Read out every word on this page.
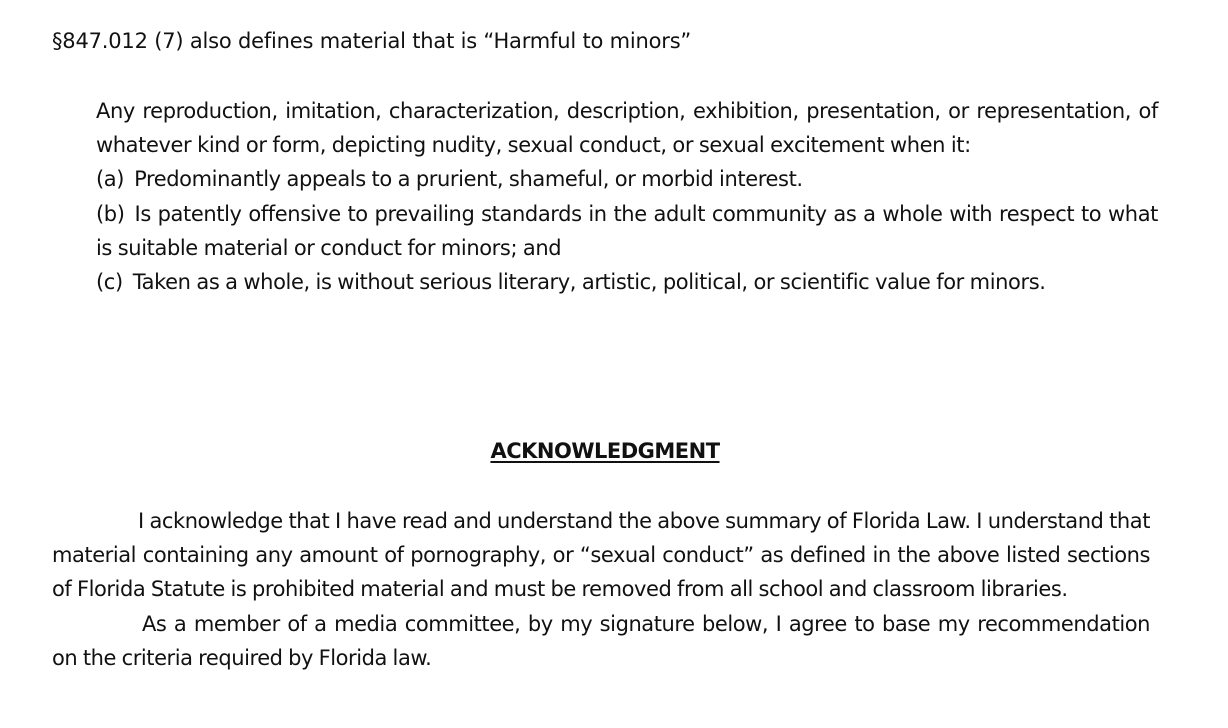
§847.012 (7) also defines material that is “Harmful to minors”

Any reproduction, imitation, characterization, description, exhibition, presentation, or representation, of whatever kind or form, depicting nudity, sexual conduct, or sexual excitement when it:

(a) Predominantly appeals to a prurient, shameful, or morbid interest.

(b) Is patently offensive to prevailing standards in the adult community as a whole with respect to what is suitable material or conduct for minors; and

(c) Taken as a whole, is without serious literary, artistic, political, or scientific value for minors.

ACKNOWLEDGMENT

I acknowledge that I have read and understand the above summary of Florida Law. I understand that material containing any amount of pornography, or “sexual conduct” as defined in the above listed sections of Florida Statute is prohibited material and must be removed from all school and classroom libraries.

As a member of a media committee, by my signature below, I agree to base my recommendation on the criteria required by Florida law.
